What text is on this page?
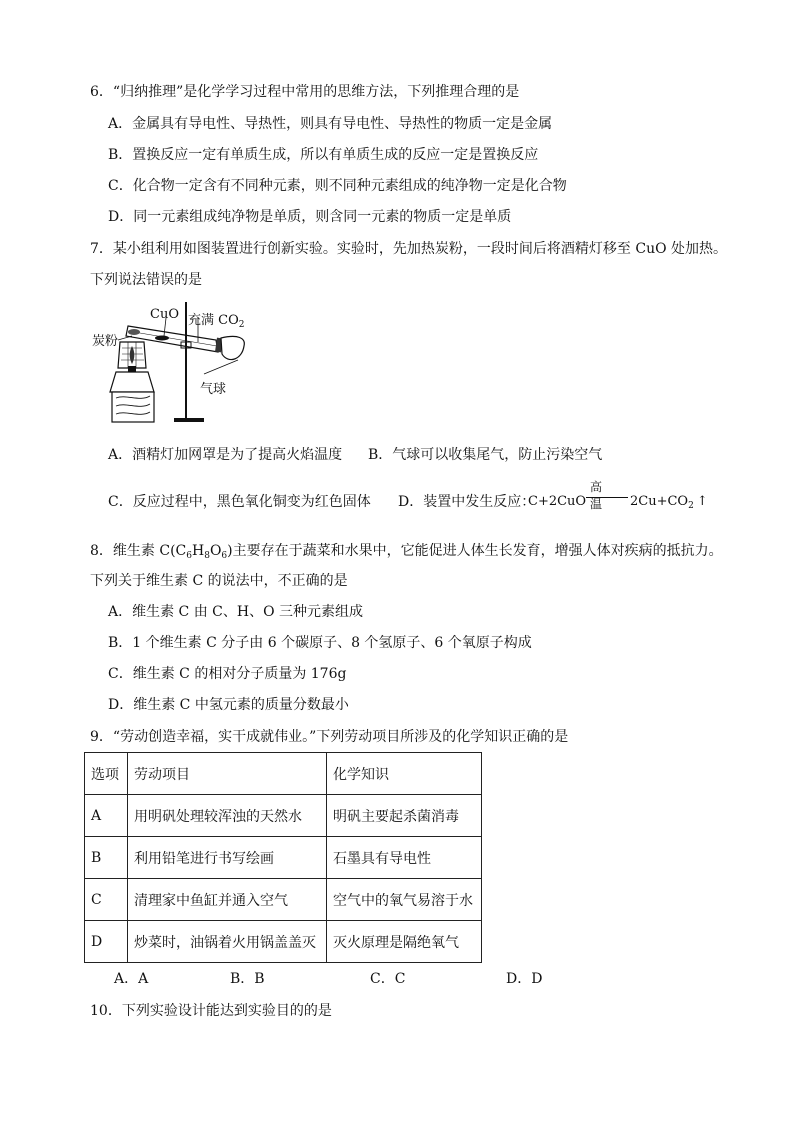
6．“归纳推理”是化学学习过程中常用的思维方法，下列推理合理的是
A．金属具有导电性、导热性，则具有导电性、导热性的物质一定是金属
B．置换反应一定有单质生成，所以有单质生成的反应一定是置换反应
C．化合物一定含有不同种元素，则不同种元素组成的纯净物一定是化合物
D．同一元素组成纯净物是单质，则含同一元素的物质一定是单质
7．某小组利用如图装置进行创新实验。实验时，先加热炭粉，一段时间后将酒精灯移至 CuO 处加热。
下列说法错误的是
CuO 充满 $CO_2$
炭粉
气球
A．酒精灯加网罩是为了提高火焰温度 B．气球可以收集尾气，防止污染空气
C．反应过程中，黑色氧化铜变为红色固体 D．装置中发生反应：
C+2CuO
高温 $2Cu+CO_2$ ↑
8．维生素 $C(C_6H_8O_6)$主要存在于蔬菜和水果中，它能促进人体生长发育，增强人体对疾病的抵抗力。
下列关于维生素 C 的说法中，不正确的是
A．维生素 C 由 C、H、O 三种元素组成
B．1 个维生素 C 分子由 6 个碳原子、8 个氢原子、6 个氧原子构成
C．维生素 C 的相对分子质量为 176g
D．维生素 C 中氢元素的质量分数最小
9．“劳动创造幸福，实干成就伟业。”下列劳动项目所涉及的化学知识正确的是
选项	劳动项目	化学知识
A	用明矾处理较浑浊的天然水	明矾主要起杀菌消毒
B	利用铅笔进行书写绘画	石墨具有导电性
C	清理家中鱼缸并通入空气	空气中的氧气易溶于水
D	炒菜时，油锅着火用锅盖盖灭	灭火原理是隔绝氧气
A．A	B．B	C．C	D．D
10．下列实验设计能达到实验目的的是
